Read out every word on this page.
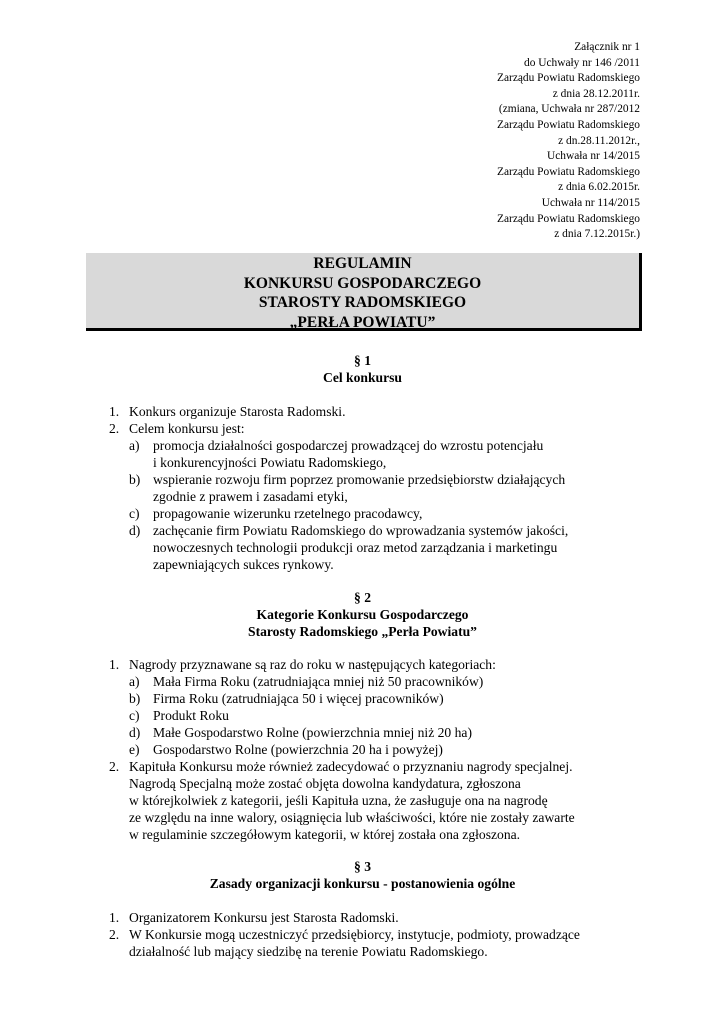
Załącznik nr 1
do Uchwały nr 146 /2011
Zarządu Powiatu Radomskiego
z dnia 28.12.2011r.
(zmiana, Uchwała nr 287/2012
Zarządu Powiatu Radomskiego
z dn.28.11.2012r.,
Uchwała nr 14/2015
Zarządu Powiatu Radomskiego
z dnia 6.02.2015r.
Uchwała nr 114/2015
Zarządu Powiatu Radomskiego
z dnia 7.12.2015r.)
REGULAMIN
KONKURSU GOSPODARCZEGO
STAROSTY RADOMSKIEGO
„PERŁA POWIATU”
§ 1
Cel konkursu
1. Konkurs organizuje Starosta Radomski.
2. Celem konkursu jest:
a) promocja działalności gospodarczej prowadzącej do wzrostu potencjału
i konkurencyjności Powiatu Radomskiego,
b) wspieranie rozwoju firm poprzez promowanie przedsiębiorstw działających
zgodnie z prawem i zasadami etyki,
c) propagowanie wizerunku rzetelnego pracodawcy,
d) zachęcanie firm Powiatu Radomskiego do wprowadzania systemów jakości,
nowoczesnych technologii produkcji oraz metod zarządzania i marketingu
zapewniających sukces rynkowy.
§ 2
Kategorie Konkursu Gospodarczego
Starosty Radomskiego „Perła Powiatu”
1. Nagrody przyznawane są raz do roku w następujących kategoriach:
a) Mała Firma Roku (zatrudniająca mniej niż 50 pracowników)
b) Firma Roku (zatrudniająca 50 i więcej pracowników)
c) Produkt Roku
d) Małe Gospodarstwo Rolne (powierzchnia mniej niż 20 ha)
e) Gospodarstwo Rolne (powierzchnia 20 ha i powyżej)
2. Kapituła Konkursu może również zadecydować o przyznaniu nagrody specjalnej.
Nagrodą Specjalną może zostać objęta dowolna kandydatura, zgłoszona
w którejkolwiek z kategorii, jeśli Kapituła uzna, że zasługuje ona na nagrodę
ze względu na inne walory, osiągnięcia lub właściwości, które nie zostały zawarte
w regulaminie szczegółowym kategorii, w której została ona zgłoszona.
§ 3
Zasady organizacji konkursu - postanowienia ogólne
1. Organizatorem Konkursu jest Starosta Radomski.
2. W Konkursie mogą uczestniczyć przedsiębiorcy, instytucje, podmioty, prowadzące
działalność lub mający siedzibę na terenie Powiatu Radomskiego.
